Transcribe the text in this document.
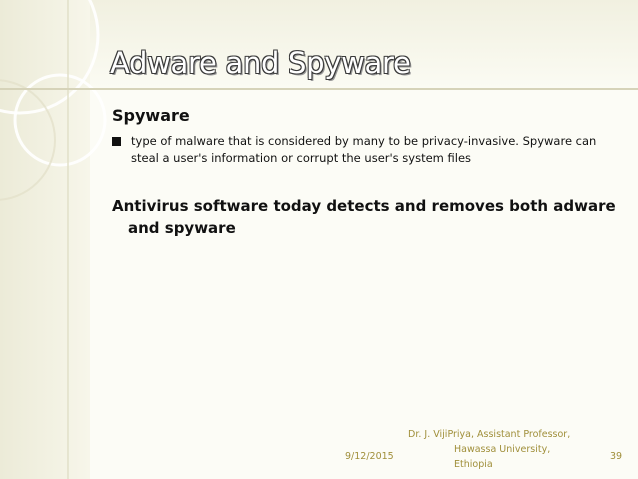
Adware and Spyware
Spyware
type of malware that is considered by many to be privacy-invasive. Spyware can steal a user's information or corrupt the user's system files
Antivirus software today detects and removes both adware and spyware
9/12/2015
Dr. J. VijiPriya, Assistant Professor,
Hawassa University, Ethiopia
39
